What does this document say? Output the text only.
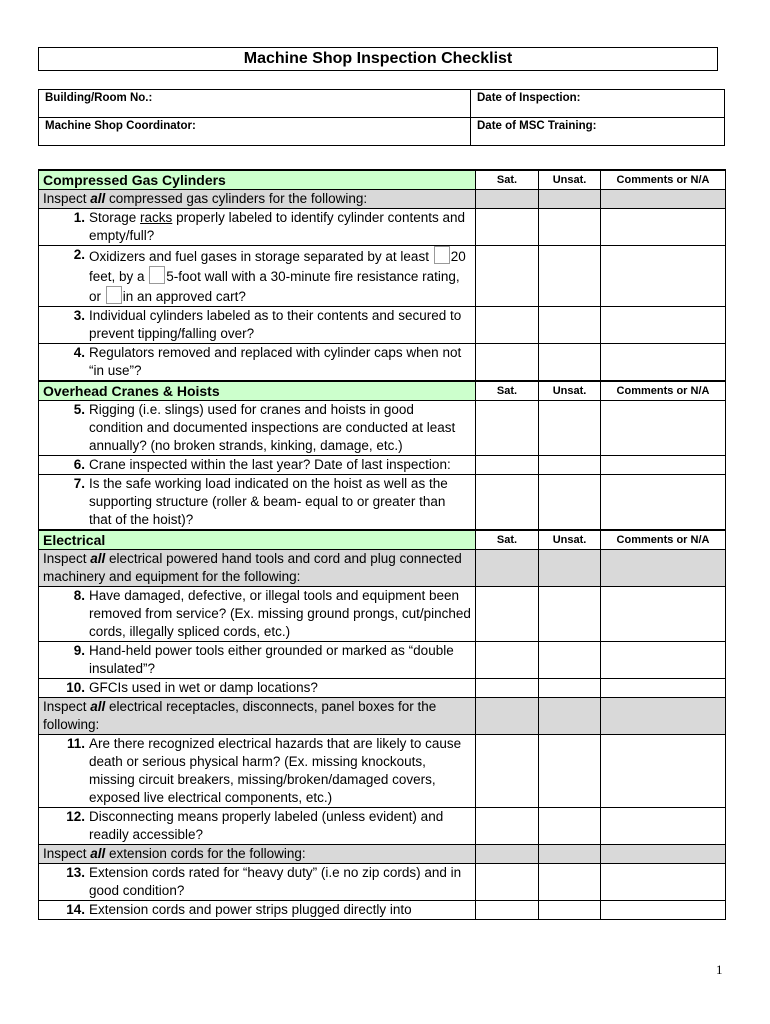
Machine Shop Inspection Checklist
Building/Room No.:	Date of Inspection:
Machine Shop Coordinator:	Date of MSC Training:
Compressed Gas Cylinders	Sat.	Unsat.	Comments or N/A
Inspect all compressed gas cylinders for the following:			

1. Storage racks properly labeled to identify cylinder contents and empty/full?			

2. Oxidizers and fuel gases in storage separated by at least 20 feet, by a 5-foot wall with a 30-minute fire resistance rating, or in an approved cart?			

3. Individual cylinders labeled as to their contents and secured to prevent tipping/falling over?			

4. Regulators removed and replaced with cylinder caps when not “in use”?			

Overhead Cranes & Hoists	Sat.	Unsat.	Comments or N/A

5. Rigging (i.e. slings) used for cranes and hoists in good condition and documented inspections are conducted at least annually? (no broken strands, kinking, damage, etc.)			

6. Crane inspected within the last year? Date of last inspection:			

7. Is the safe working load indicated on the hoist as well as the supporting structure (roller & beam- equal to or greater than that of the hoist)?			

Electrical	Sat.	Unsat.	Comments or N/A
Inspect all electrical powered hand tools and cord and plug connected machinery and equipment for the following:			

8. Have damaged, defective, or illegal tools and equipment been removed from service? (Ex. missing ground prongs, cut/pinched cords, illegally spliced cords, etc.)			

9. Hand-held power tools either grounded or marked as “double insulated”?			

10. GFCIs used in wet or damp locations?			

Inspect all electrical receptacles, disconnects, panel boxes for the following:			

11. Are there recognized electrical hazards that are likely to cause death or serious physical harm? (Ex. missing knockouts, missing circuit breakers, missing/broken/damaged covers, exposed live electrical components, etc.)			

12. Disconnecting means properly labeled (unless evident) and readily accessible?			

Inspect all extension cords for the following:			

13. Extension cords rated for “heavy duty” (i.e no zip cords) and in good condition?			

14. Extension cords and power strips plugged directly into			

1
